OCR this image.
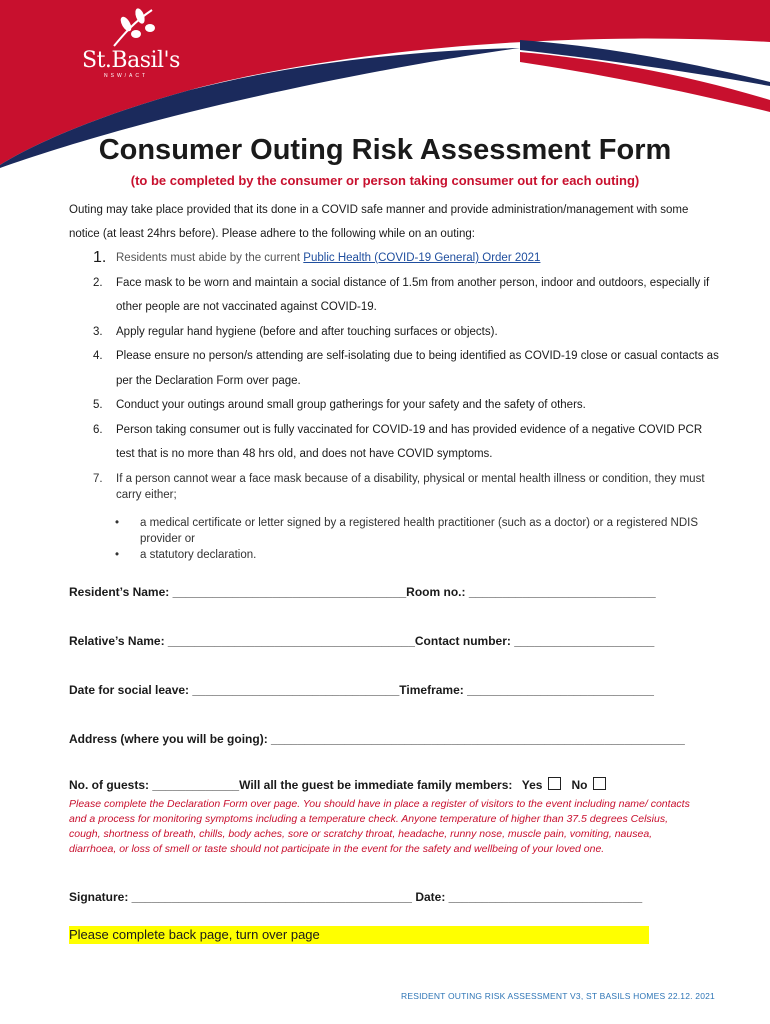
St.Basil's
NSW/ACT
Consumer Outing Risk Assessment Form

(to be completed by the consumer or person taking consumer out for each outing)

Outing may take place provided that its done in a COVID safe manner and provide administration/management with some notice (at least 24hrs before). Please adhere to the following while on an outing:

1. Residents must abide by the current Public Health (COVID-19 General) Order 2021
2. Face mask to be worn and maintain a social distance of 1.5m from another person, indoor and outdoors, especially if other people are not vaccinated against COVID-19.
3. Apply regular hand hygiene (before and after touching surfaces or objects).
4. Please ensure no person/s attending are self-isolating due to being identified as COVID-19 close or casual contacts as per the Declaration Form over page.
5. Conduct your outings around small group gatherings for your safety and the safety of others.
6. Person taking consumer out is fully vaccinated for COVID-19 and has provided evidence of a negative COVID PCR test that is no more than 48 hrs old, and does not have COVID symptoms.
7. If a person cannot wear a face mask because of a disability, physical or mental health illness or condition, they must carry either;
• a medical certificate or letter signed by a registered health practitioner (such as a doctor) or a registered NDIS provider or
• a statutory declaration.
Resident’s Name: ___________________________________Room no.: ____________________________
Relative’s Name: _____________________________________Contact number: _____________________
Date for social leave: _______________________________Timeframe: ____________________________
Address (where you will be going): ______________________________________________________________
No. of guests: _____________Will all the guest be immediate family members: Yes No

Please complete the Declaration Form over page. You should have in place a register of visitors to the event including name/ contacts and a process for monitoring symptoms including a temperature check. Anyone temperature of higher than 37.5 degrees Celsius, cough, shortness of breath, chills, body aches, sore or scratchy throat, headache, runny nose, muscle pain, vomiting, nausea, diarrhoea, or loss of smell or taste should not participate in the event for the safety and wellbeing of your loved one.

Signature: __________________________________________ Date: _____________________________

Please complete back page, turn over page

RESIDENT OUTING RISK ASSESSMENT V3, ST BASILS HOMES 22.12. 2021
